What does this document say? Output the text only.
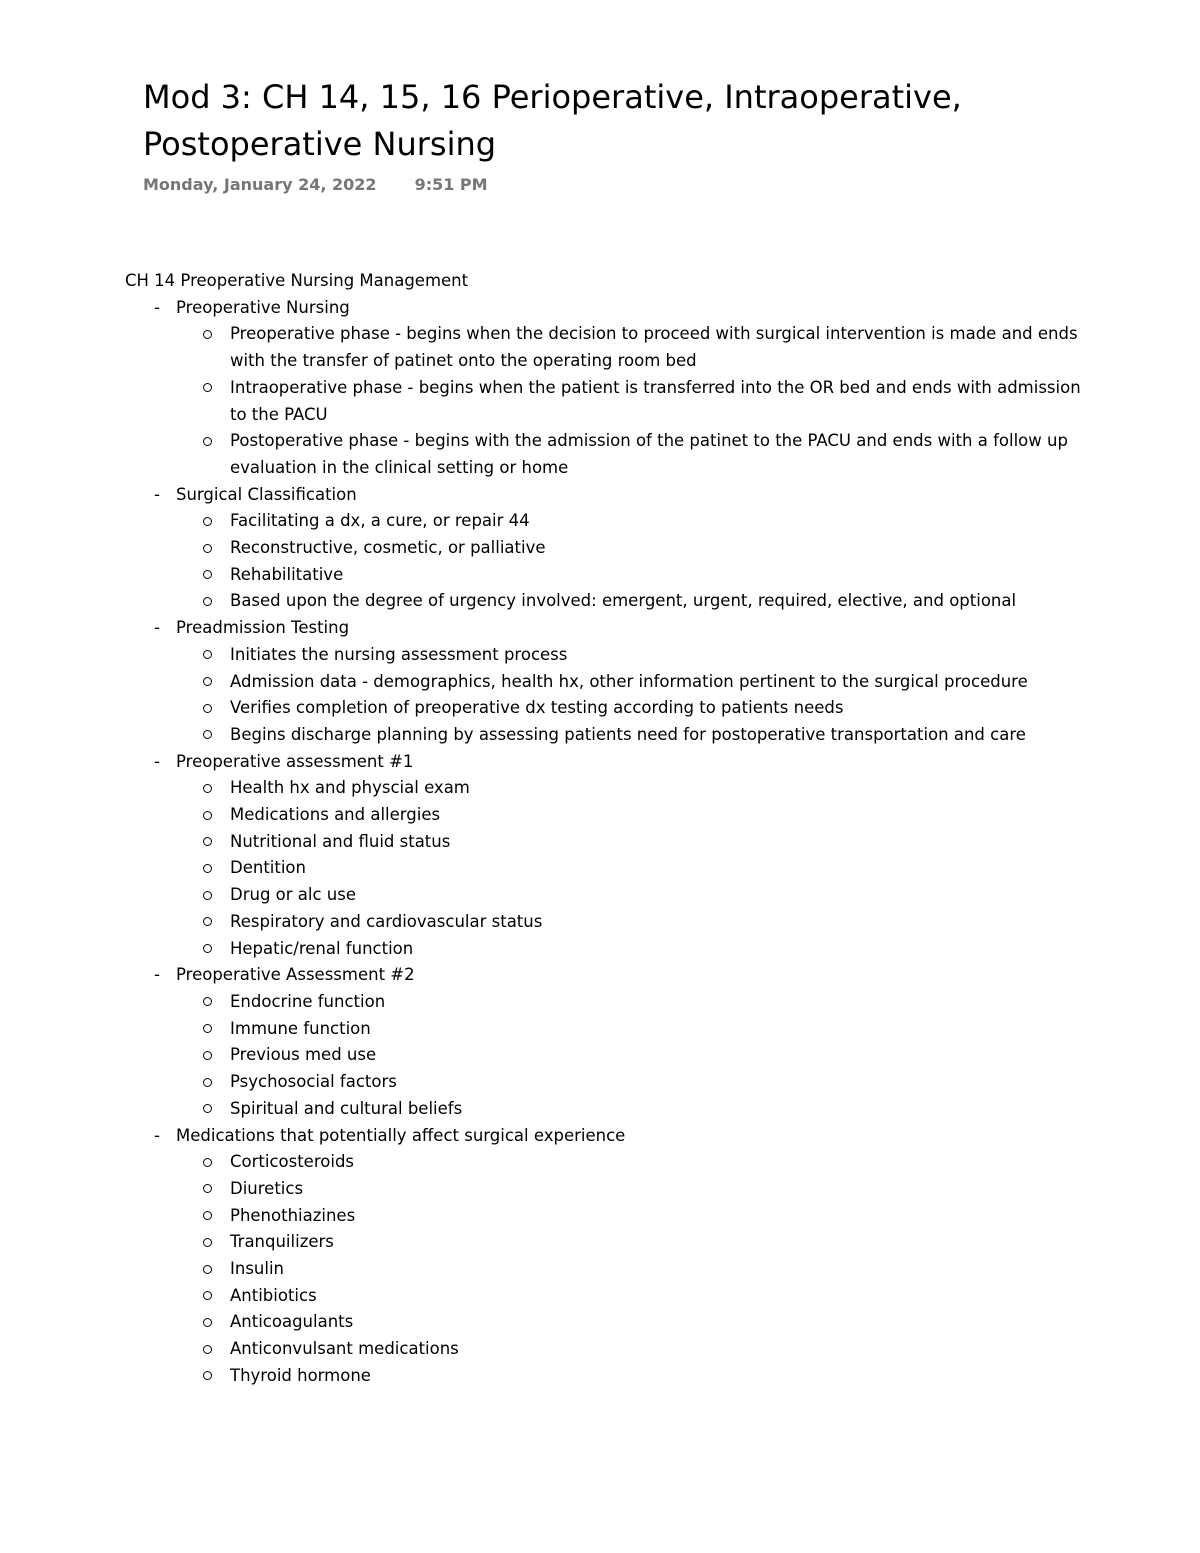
Mod 3: CH 14, 15, 16 Perioperative, Intraoperative, Postoperative Nursing
Monday, January 24, 2022 9:51 PM
CH 14 Preoperative Nursing Management
- Preoperative Nursing
Preoperative phase - begins when the decision to proceed with surgical intervention is made and ends with the transfer of patinet onto the operating room bed
Intraoperative phase - begins when the patient is transferred into the OR bed and ends with admission to the PACU
Postoperative phase - begins with the admission of the patinet to the PACU and ends with a follow up evaluation in the clinical setting or home
- Surgical Classification
Facilitating a dx, a cure, or repair 44
Reconstructive, cosmetic, or palliative
Rehabilitative
Based upon the degree of urgency involved: emergent, urgent, required, elective, and optional
- Preadmission Testing
Initiates the nursing assessment process
Admission data - demographics, health hx, other information pertinent to the surgical procedure
Verifies completion of preoperative dx testing according to patients needs
Begins discharge planning by assessing patients need for postoperative transportation and care
- Preoperative assessment #1
Health hx and physcial exam
Medications and allergies
Nutritional and fluid status
Dentition
Drug or alc use
Respiratory and cardiovascular status
Hepatic/renal function
- Preoperative Assessment #2
Endocrine function
Immune function
Previous med use
Psychosocial factors
Spiritual and cultural beliefs
- Medications that potentially affect surgical experience
Corticosteroids
Diuretics
Phenothiazines
Tranquilizers
Insulin
Antibiotics
Anticoagulants
Anticonvulsant medications
Thyroid hormone
